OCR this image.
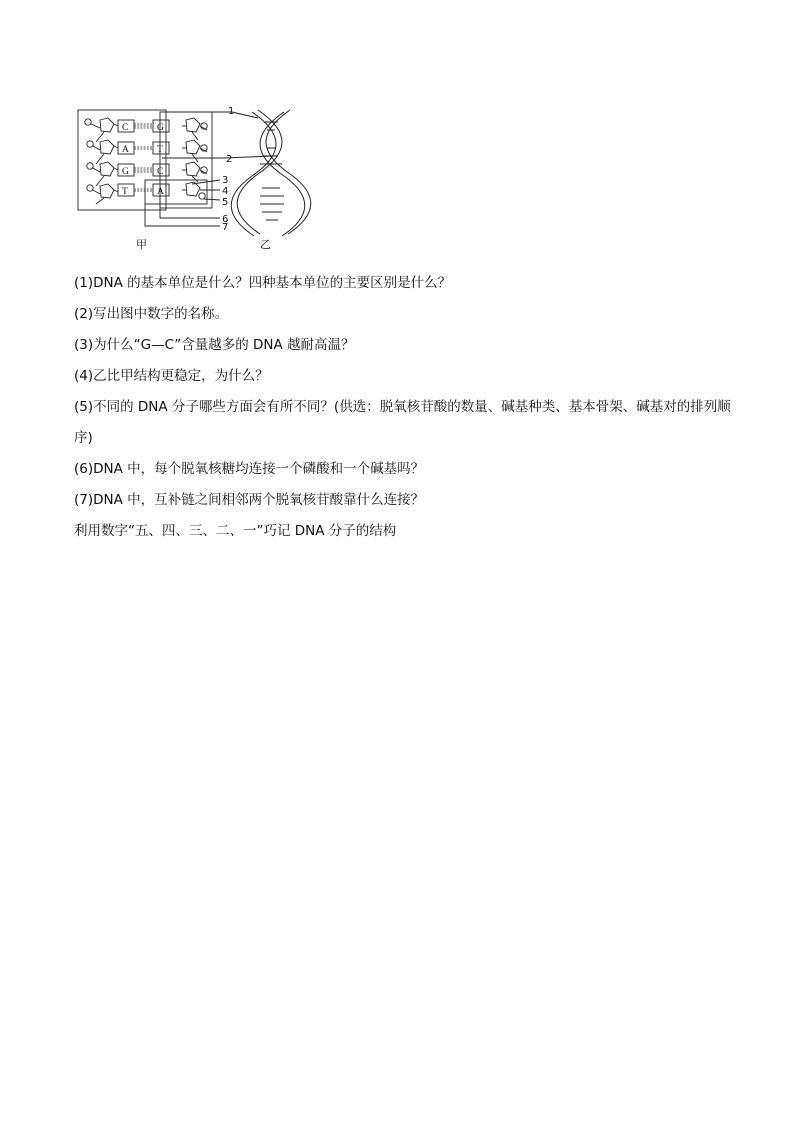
C
A
G
T
G
T
C
A
1
2
3
4
5
6
7
甲	乙

(1)DNA 的基本单位是什么？四种基本单位的主要区别是什么？

(2)写出图中数字的名称。

(3)为什么“G—C”含量越多的 DNA 越耐高温？

(4)乙比甲结构更稳定，为什么？

(5)不同的 DNA 分子哪些方面会有所不同？(供选：脱氧核苷酸的数量、碱基种类、基本骨架、碱基对的排列顺序)

(6)DNA 中，每个脱氧核糖均连接一个磷酸和一个碱基吗？

(7)DNA 中，互补链之间相邻两个脱氧核苷酸靠什么连接？

利用数字“五、四、三、二、一”巧记 DNA 分子的结构
